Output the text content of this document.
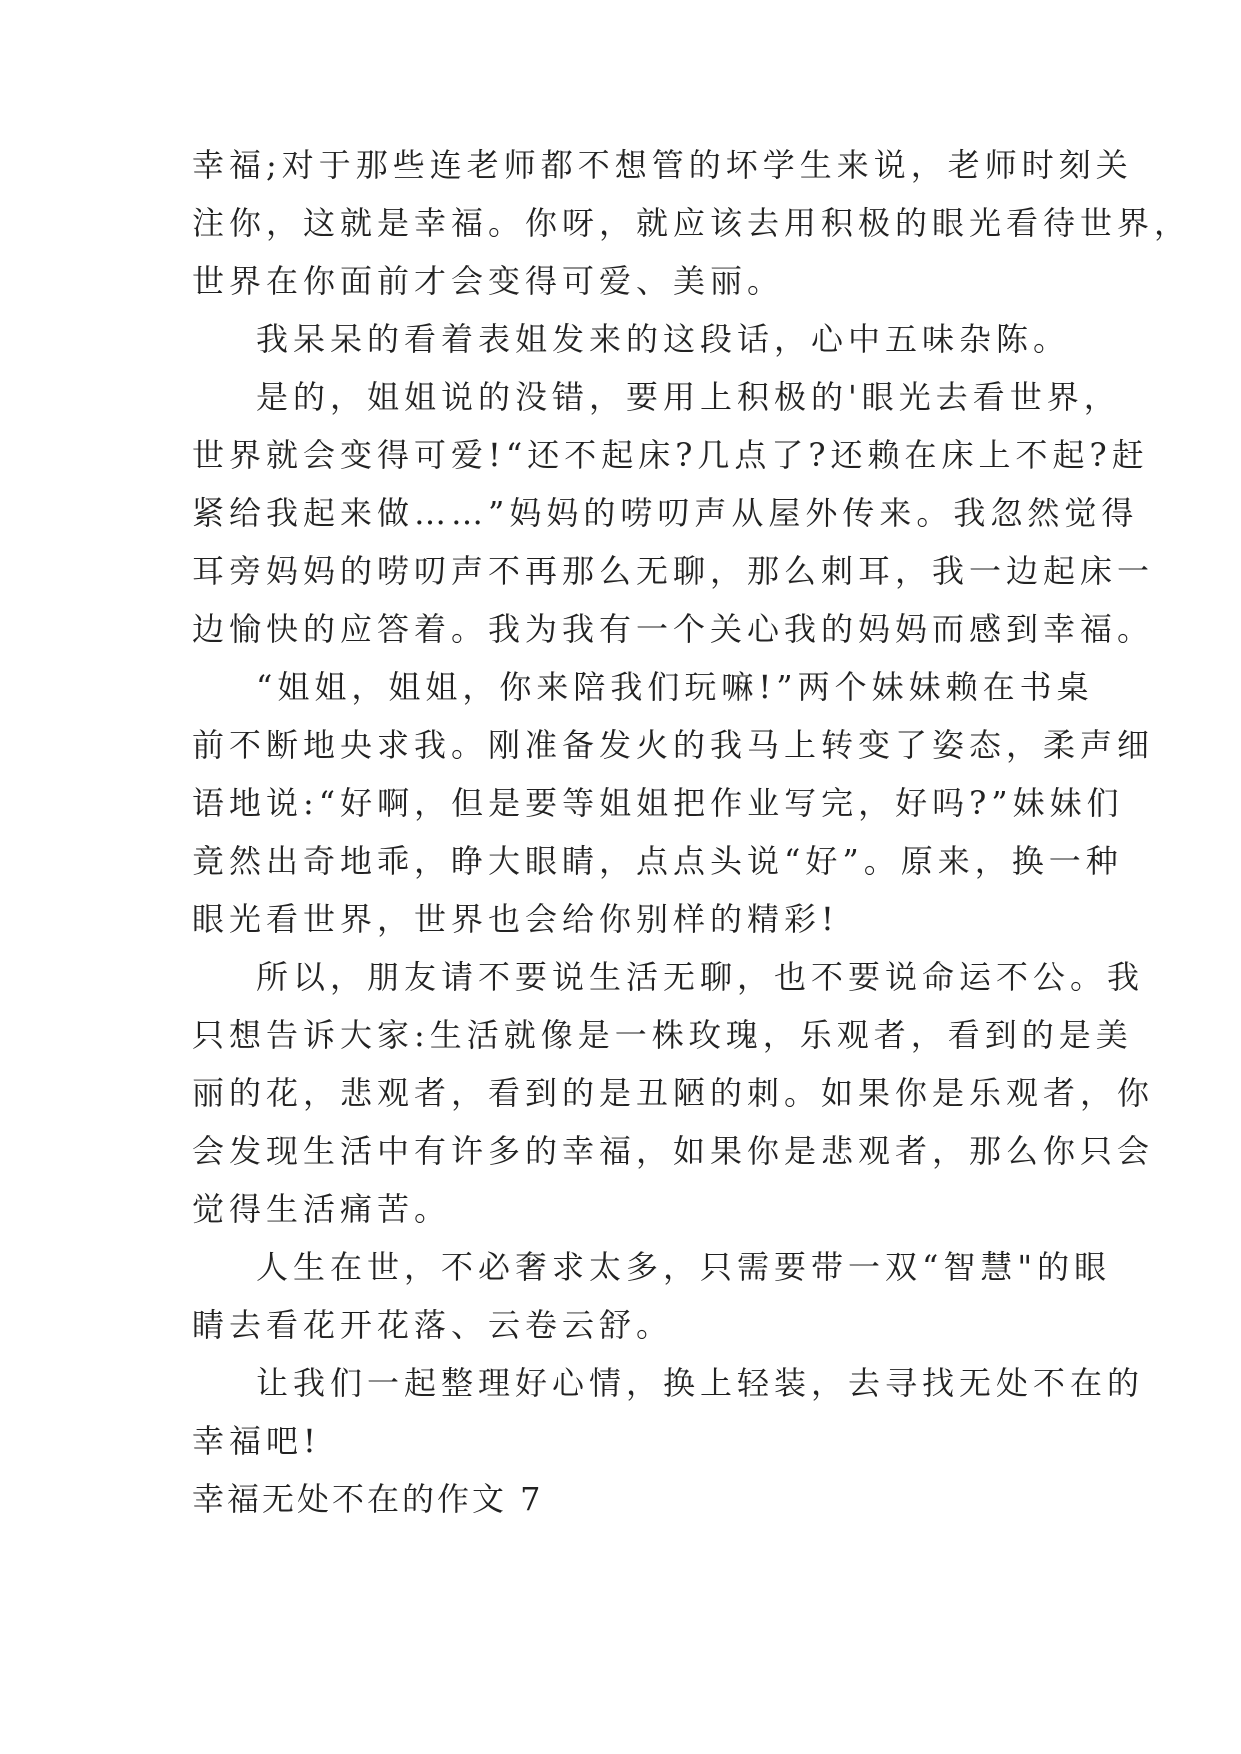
幸福;对于那些连老师都不想管的坏学生来说，老师时刻关
注你，这就是幸福。你呀，就应该去用积极的眼光看待世界，
世界在你面前才会变得可爱、美丽。
我呆呆的看着表姐发来的这段话，心中五味杂陈。
是的，姐姐说的没错，要用上积极的'眼光去看世界，
世界就会变得可爱!“还不起床?几点了?还赖在床上不起?赶
紧给我起来做……”妈妈的唠叨声从屋外传来。我忽然觉得
耳旁妈妈的唠叨声不再那么无聊，那么刺耳，我一边起床一
边愉快的应答着。我为我有一个关心我的妈妈而感到幸福。
“姐姐，姐姐，你来陪我们玩嘛!”两个妹妹赖在书桌
前不断地央求我。刚准备发火的我马上转变了姿态，柔声细
语地说:“好啊，但是要等姐姐把作业写完，好吗?”妹妹们
竟然出奇地乖，睁大眼睛，点点头说“好”。原来，换一种
眼光看世界，世界也会给你别样的精彩!
所以，朋友请不要说生活无聊，也不要说命运不公。我
只想告诉大家:生活就像是一株玫瑰，乐观者，看到的是美
丽的花，悲观者，看到的是丑陋的刺。如果你是乐观者，你
会发现生活中有许多的幸福，如果你是悲观者，那么你只会
觉得生活痛苦。
人生在世，不必奢求太多，只需要带一双“智慧"的眼
睛去看花开花落、云卷云舒。
让我们一起整理好心情，换上轻装，去寻找无处不在的
幸福吧!
幸福无处不在的作文 7
